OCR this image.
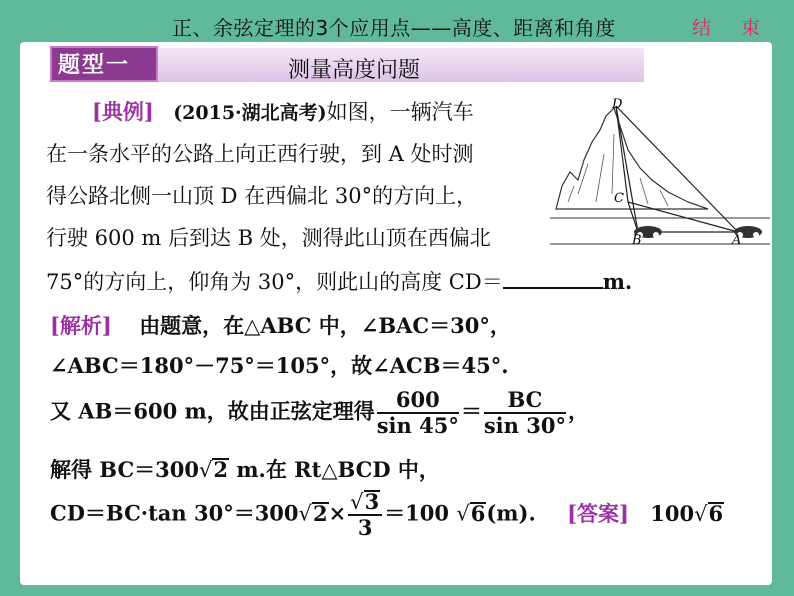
正、余弦定理的3个应用点——高度、距离和角度	结 束
题型一	测量高度问题
[典例] (2015·湖北高考)如图，一辆汽车
在一条水平的公路上向正西行驶，到 A 处时测
得公路北侧一山顶 D 在西偏北 30°的方向上，
行驶 600 m 后到达 B 处，测得此山顶在西偏北
75°的方向上，仰角为 30°，则此山的高度 CD＝	m.
[解析] 由题意，在△ABC 中，∠BAC＝30°，
∠ABC＝180°－75°＝105°，故∠ACB＝45°.
又 AB＝600 m，故由正弦定理得 $\frac{600}{\sin 45^\circ} = \frac{BC}{\sin 30^\circ}$ ，
解得 BC＝300√2 m.在 Rt△BCD 中，
CD＝BC·tan $30^\circ=300√2\times \frac{√3}{3} =100$ √6(m). [答案] 100√6
D
C
B	A
